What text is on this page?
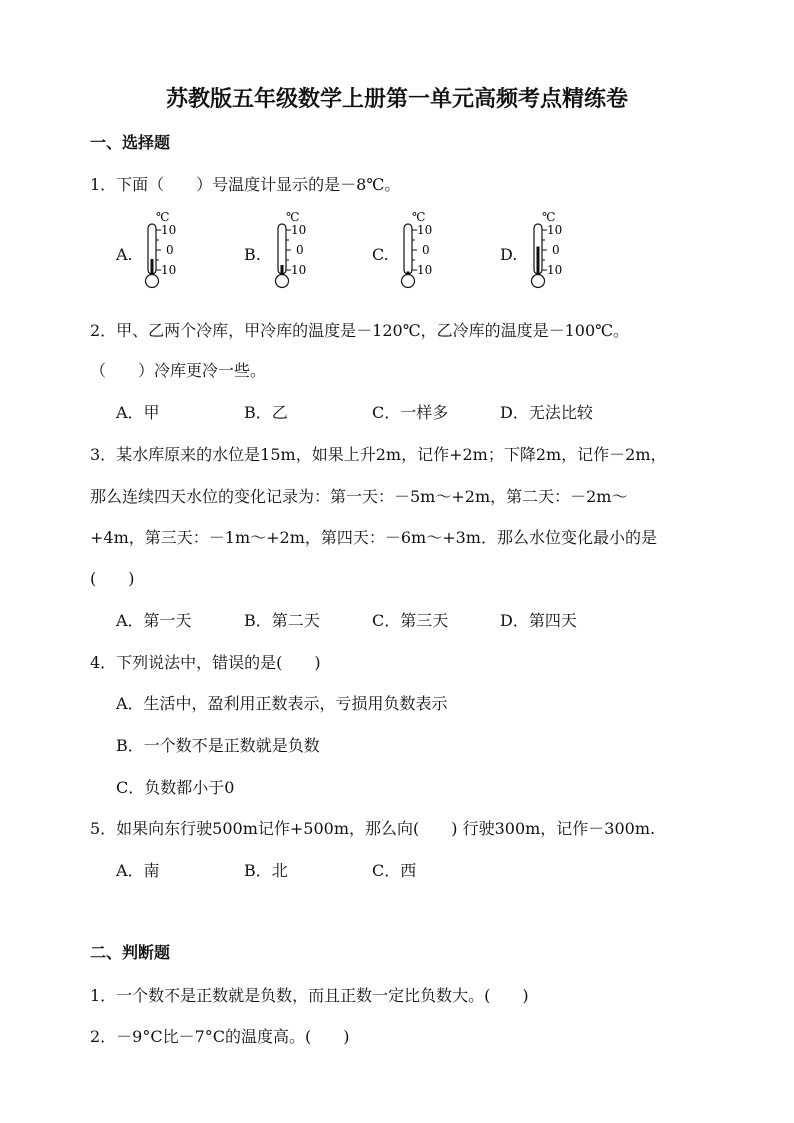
苏教版五年级数学上册第一单元高频考点精练卷
一、选择题
1．下面（　　）号温度计显示的是－8℃。
A.
℃
10
0
10
B.
℃
10
0
10
C.
℃
10
0
10
D.
℃
10
0
10
2．甲、乙两个冷库，甲冷库的温度是－120℃，乙冷库的温度是－100℃。
（　　）冷库更冷一些。
A．甲	B．乙	C．一样多	D．无法比较
3．某水库原来的水位是15m，如果上升2m，记作+2m；下降2m，记作－2m，
那么连续四天水位的变化记录为：第一天：－5m～+2m，第二天：－2m～
+4m，第三天：－1m～+2m，第四天：－6m～+3m．那么水位变化最小的是
(　　)
A．第一天	B．第二天	C．第三天	D．第四天
4．下列说法中，错误的是(　　)
A．生活中，盈利用正数表示，亏损用负数表示
B．一个数不是正数就是负数
C．负数都小于0
5．如果向东行驶500m记作+500m，那么向(　　) 行驶300m，记作－300m.
A．南	B．北	C．西
二、判断题
1．一个数不是正数就是负数，而且正数一定比负数大。(　　)
2．－9°C比－7°C的温度高。(　　)
